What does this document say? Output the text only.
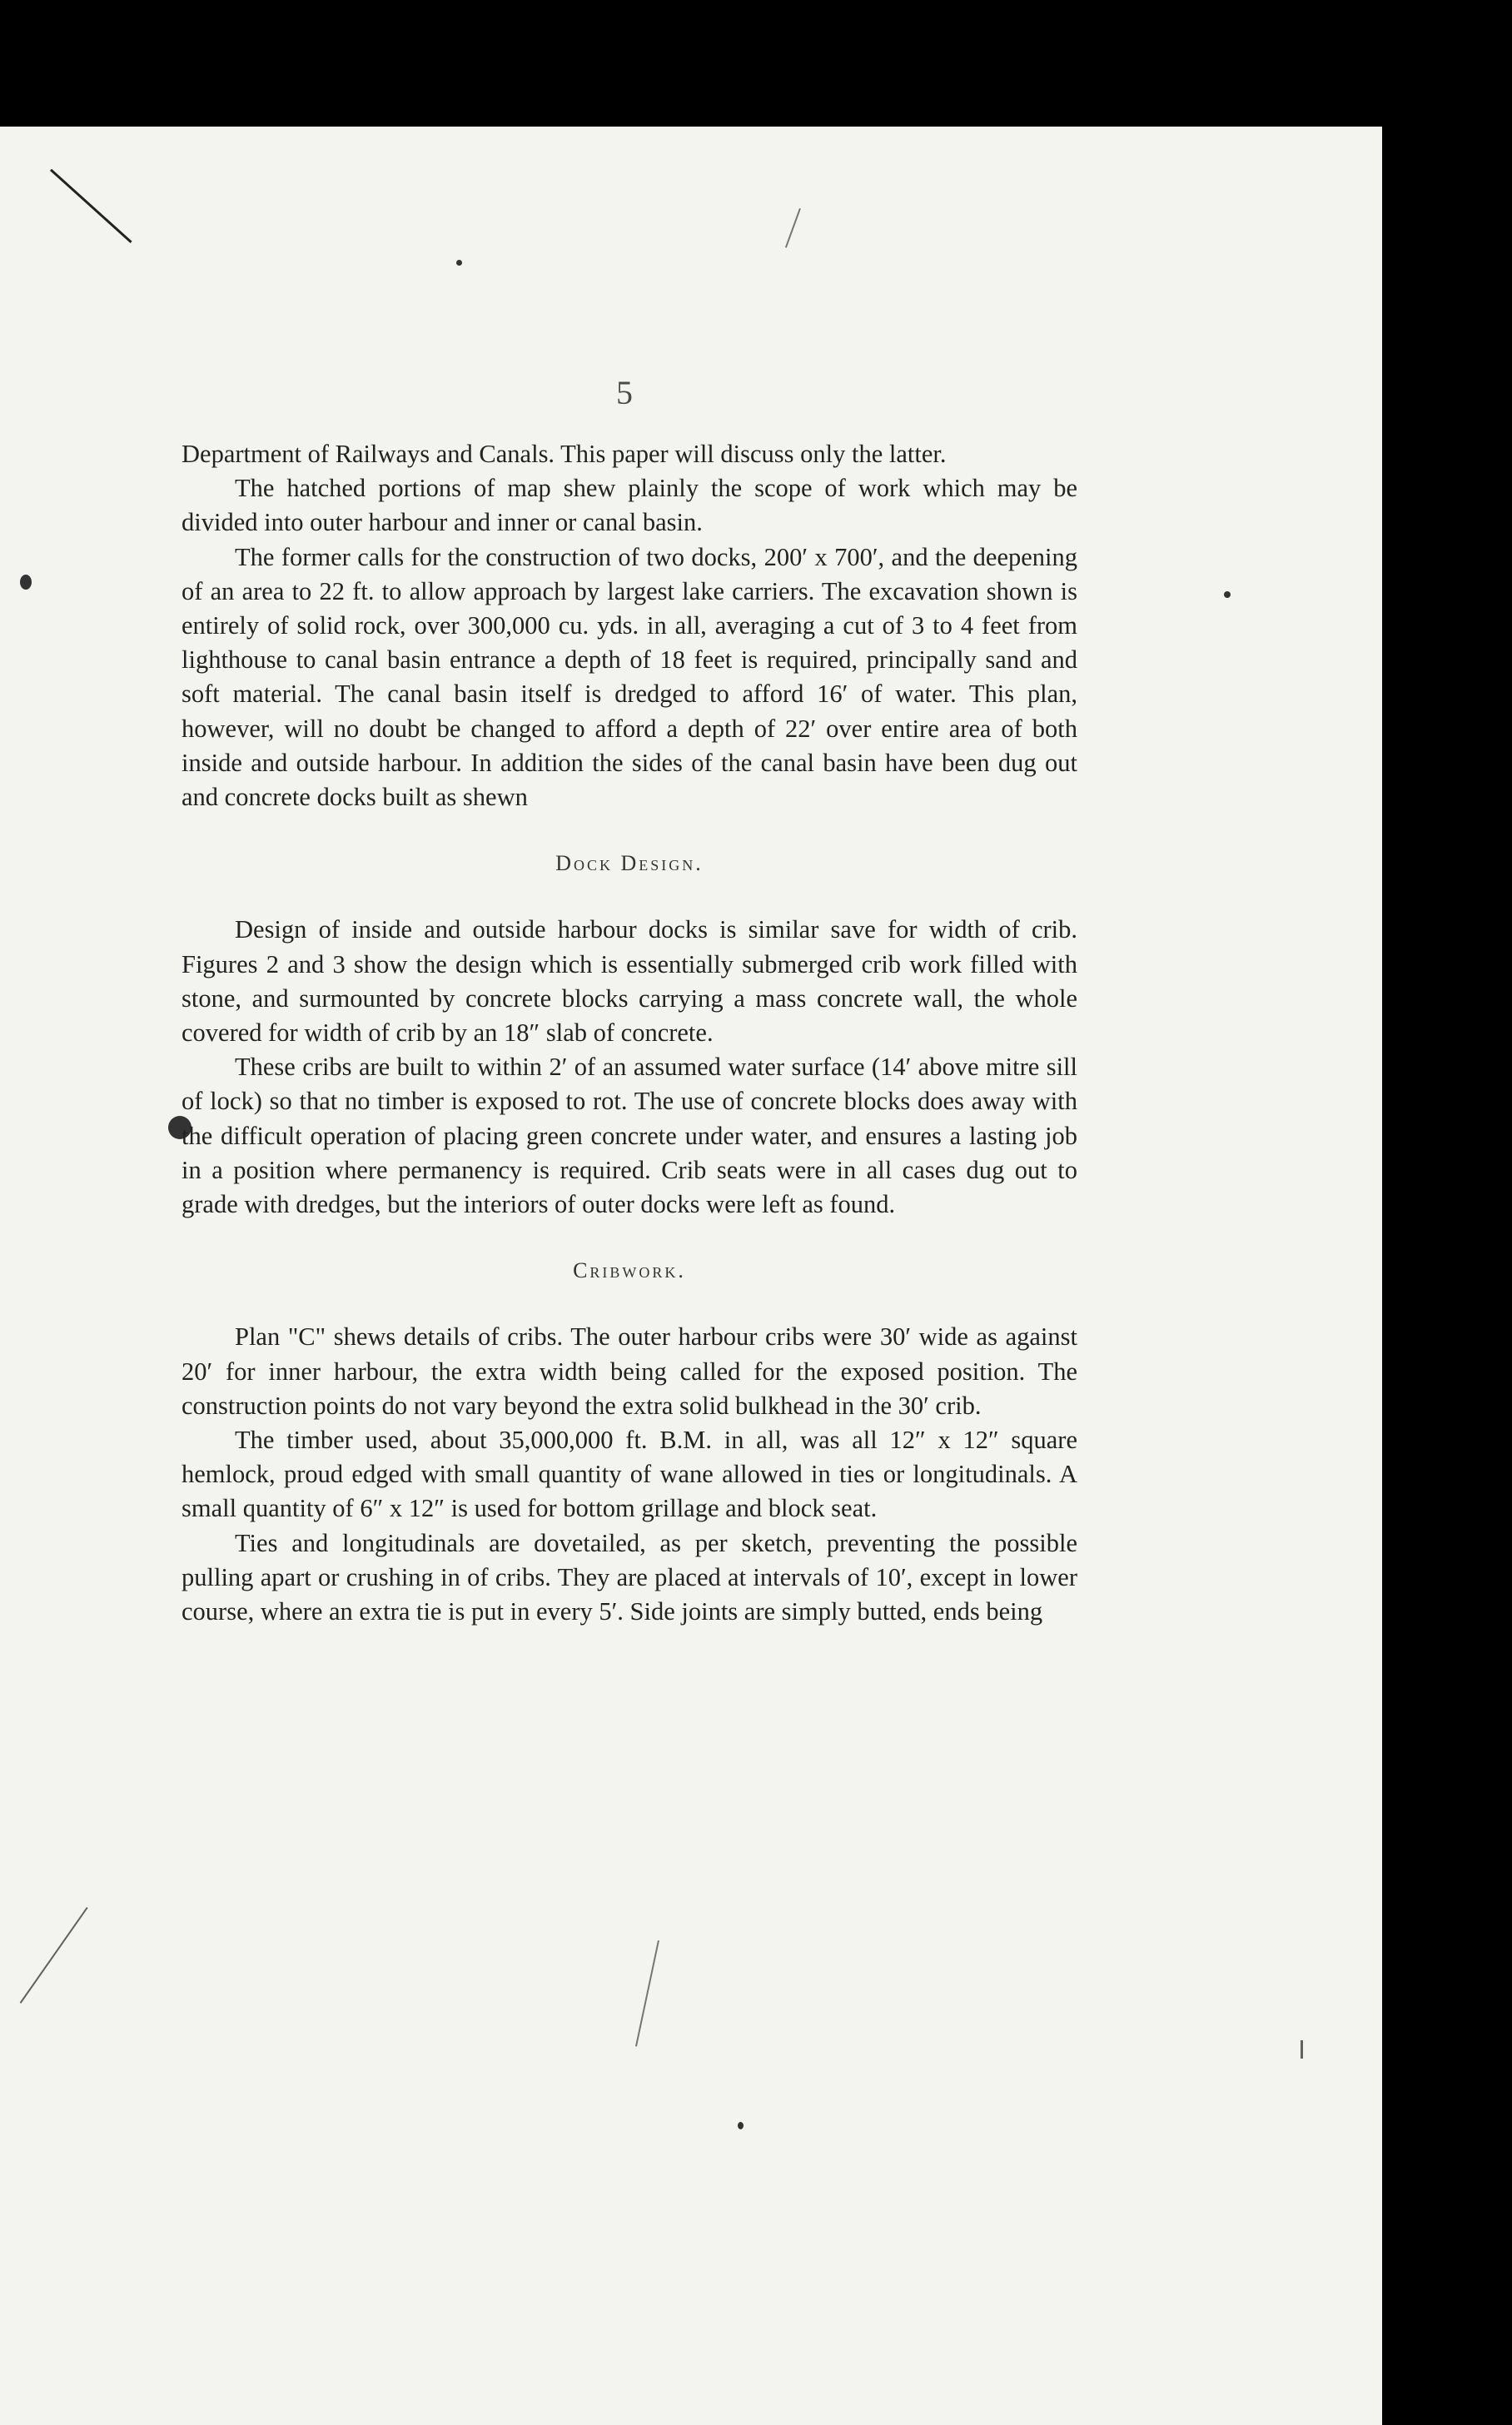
5

Department of Railways and Canals. This paper will discuss only the latter.

The hatched portions of map shew plainly the scope of work which may be divided into outer harbour and inner or canal basin.

The former calls for the construction of two docks, 200′ x 700′, and the deepening of an area to 22 ft. to allow approach by largest lake carriers. The excavation shown is entirely of solid rock, over 300,000 cu. yds. in all, averaging a cut of 3 to 4 feet from lighthouse to canal basin entrance a depth of 18 feet is required, principally sand and soft material. The canal basin itself is dredged to afford 16′ of water. This plan, however, will no doubt be changed to afford a depth of 22′ over entire area of both inside and outside harbour. In addition the sides of the canal basin have been dug out and concrete docks built as shewn

Dock Design.

Design of inside and outside harbour docks is similar save for width of crib. Figures 2 and 3 show the design which is essentially submerged crib work filled with stone, and surmounted by concrete blocks carrying a mass concrete wall, the whole covered for width of crib by an 18″ slab of concrete.

These cribs are built to within 2′ of an assumed water surface (14′ above mitre sill of lock) so that no timber is exposed to rot. The use of concrete blocks does away with the difficult operation of placing green concrete under water, and ensures a lasting job in a position where permanency is required. Crib seats were in all cases dug out to grade with dredges, but the interiors of outer docks were left as found.

Cribwork.

Plan "C" shews details of cribs. The outer harbour cribs were 30′ wide as against 20′ for inner harbour, the extra width being called for the exposed position. The construction points do not vary beyond the extra solid bulkhead in the 30′ crib.

The timber used, about 35,000,000 ft. B.M. in all, was all 12″ x 12″ square hemlock, proud edged with small quantity of wane allowed in ties or longitudinals. A small quantity of 6″ x 12″ is used for bottom grillage and block seat.

Ties and longitudinals are dovetailed, as per sketch, preventing the possible pulling apart or crushing in of cribs. They are placed at intervals of 10′, except in lower course, where an extra tie is put in every 5′. Side joints are simply butted, ends being
